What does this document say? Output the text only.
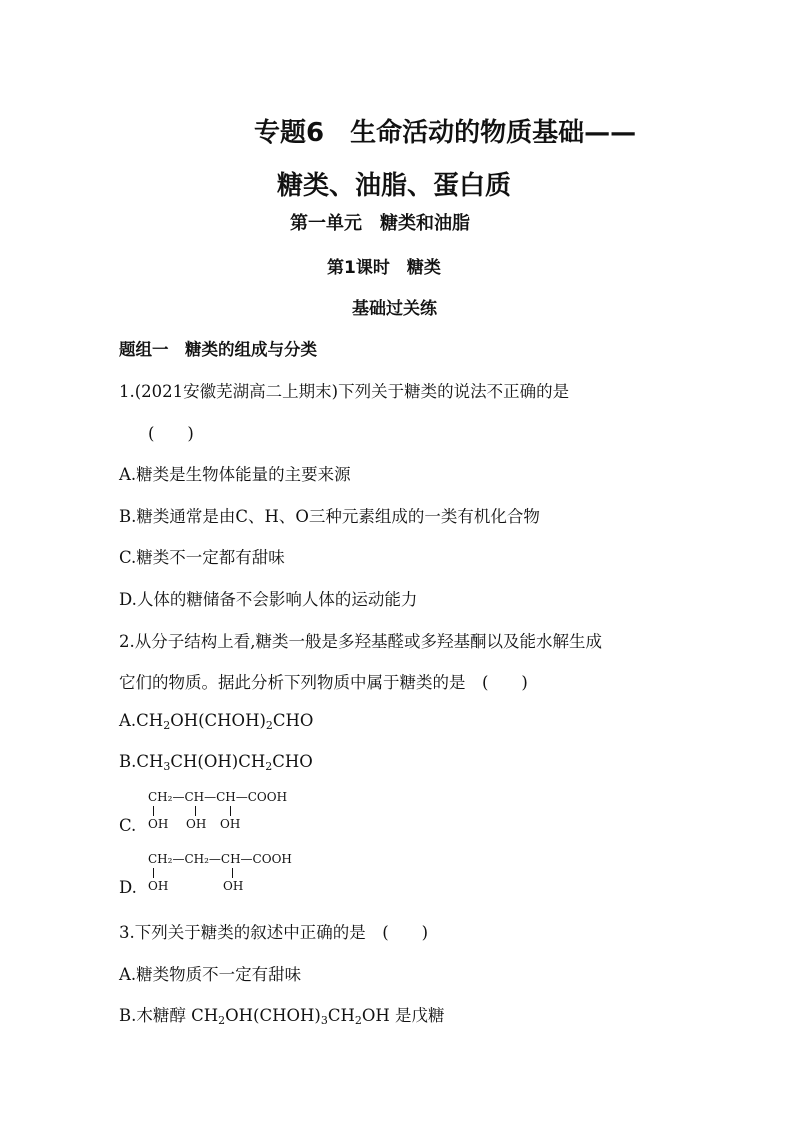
专题6　生命活动的物质基础——
糖类、油脂、蛋白质
第一单元　糖类和油脂
第1课时　糖类
基础过关练
题组一　糖类的组成与分类
1.(2021安徽芜湖高二上期末)下列关于糖类的说法不正确的是
(　　)
A.糖类是生物体能量的主要来源
B.糖类通常是由C、H、O三种元素组成的一类有机化合物
C.糖类不一定都有甜味
D.人体的糖储备不会影响人体的运动能力
2.从分子结构上看,糖类一般是多羟基醛或多羟基酮以及能水解生成
它们的物质。据此分析下列物质中属于糖类的是　(　　)
$A.CH_2OH(CHOH)_2CHO$
$B.CH_3CH(OH)CH_2CHO$
C.
CH₂—CH—CH—COOH
OH OH OH
D.
CH₂—CH₂—CH—COOH
OH	OH
3.下列关于糖类的叙述中正确的是　(　　)
A.糖类物质不一定有甜味
B.木糖醇 $CH_2OH(CHOH)_3CH_2OH$ 是戊糖
